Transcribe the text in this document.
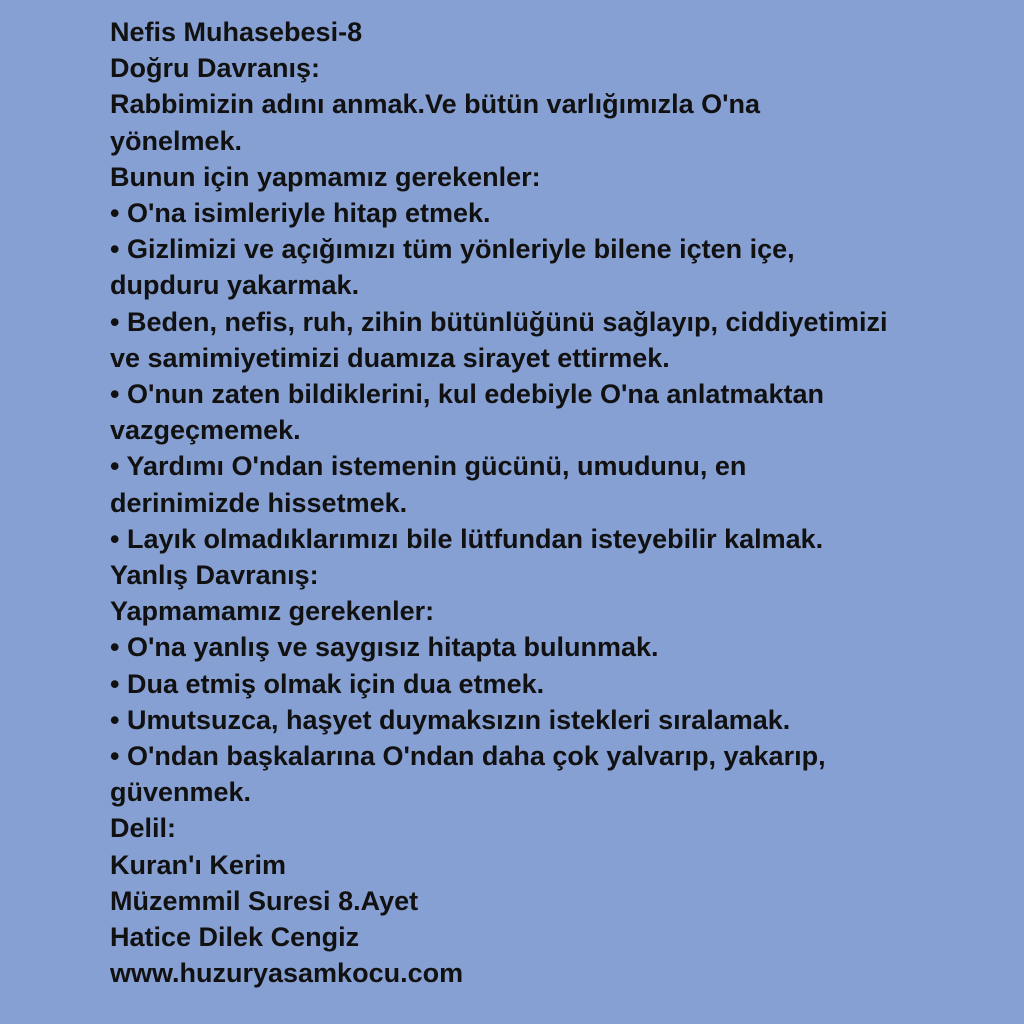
Nefis Muhasebesi-8
Doğru Davranış:
Rabbimizin adını anmak.Ve bütün varlığımızla O'na
yönelmek.
Bunun için yapmamız gerekenler:
• O'na isimleriyle hitap etmek.
• Gizlimizi ve açığımızı tüm yönleriyle bilene içten içe,
dupduru yakarmak.
• Beden, nefis, ruh, zihin bütünlüğünü sağlayıp, ciddiyetimizi
ve samimiyetimizi duamıza sirayet ettirmek.
• O'nun zaten bildiklerini, kul edebiyle O'na anlatmaktan
vazgeçmemek.
• Yardımı O'ndan istemenin gücünü, umudunu, en
derinimizde hissetmek.
• Layık olmadıklarımızı bile lütfundan isteyebilir kalmak.
Yanlış Davranış:
Yapmamamız gerekenler:
• O'na yanlış ve saygısız hitapta bulunmak.
• Dua etmiş olmak için dua etmek.
• Umutsuzca, haşyet duymaksızın istekleri sıralamak.
• O'ndan başkalarına O'ndan daha çok yalvarıp, yakarıp,
güvenmek.
Delil:
Kuran'ı Kerim
Müzemmil Suresi 8.Ayet
Hatice Dilek Cengiz
www.huzuryasamkocu.com
